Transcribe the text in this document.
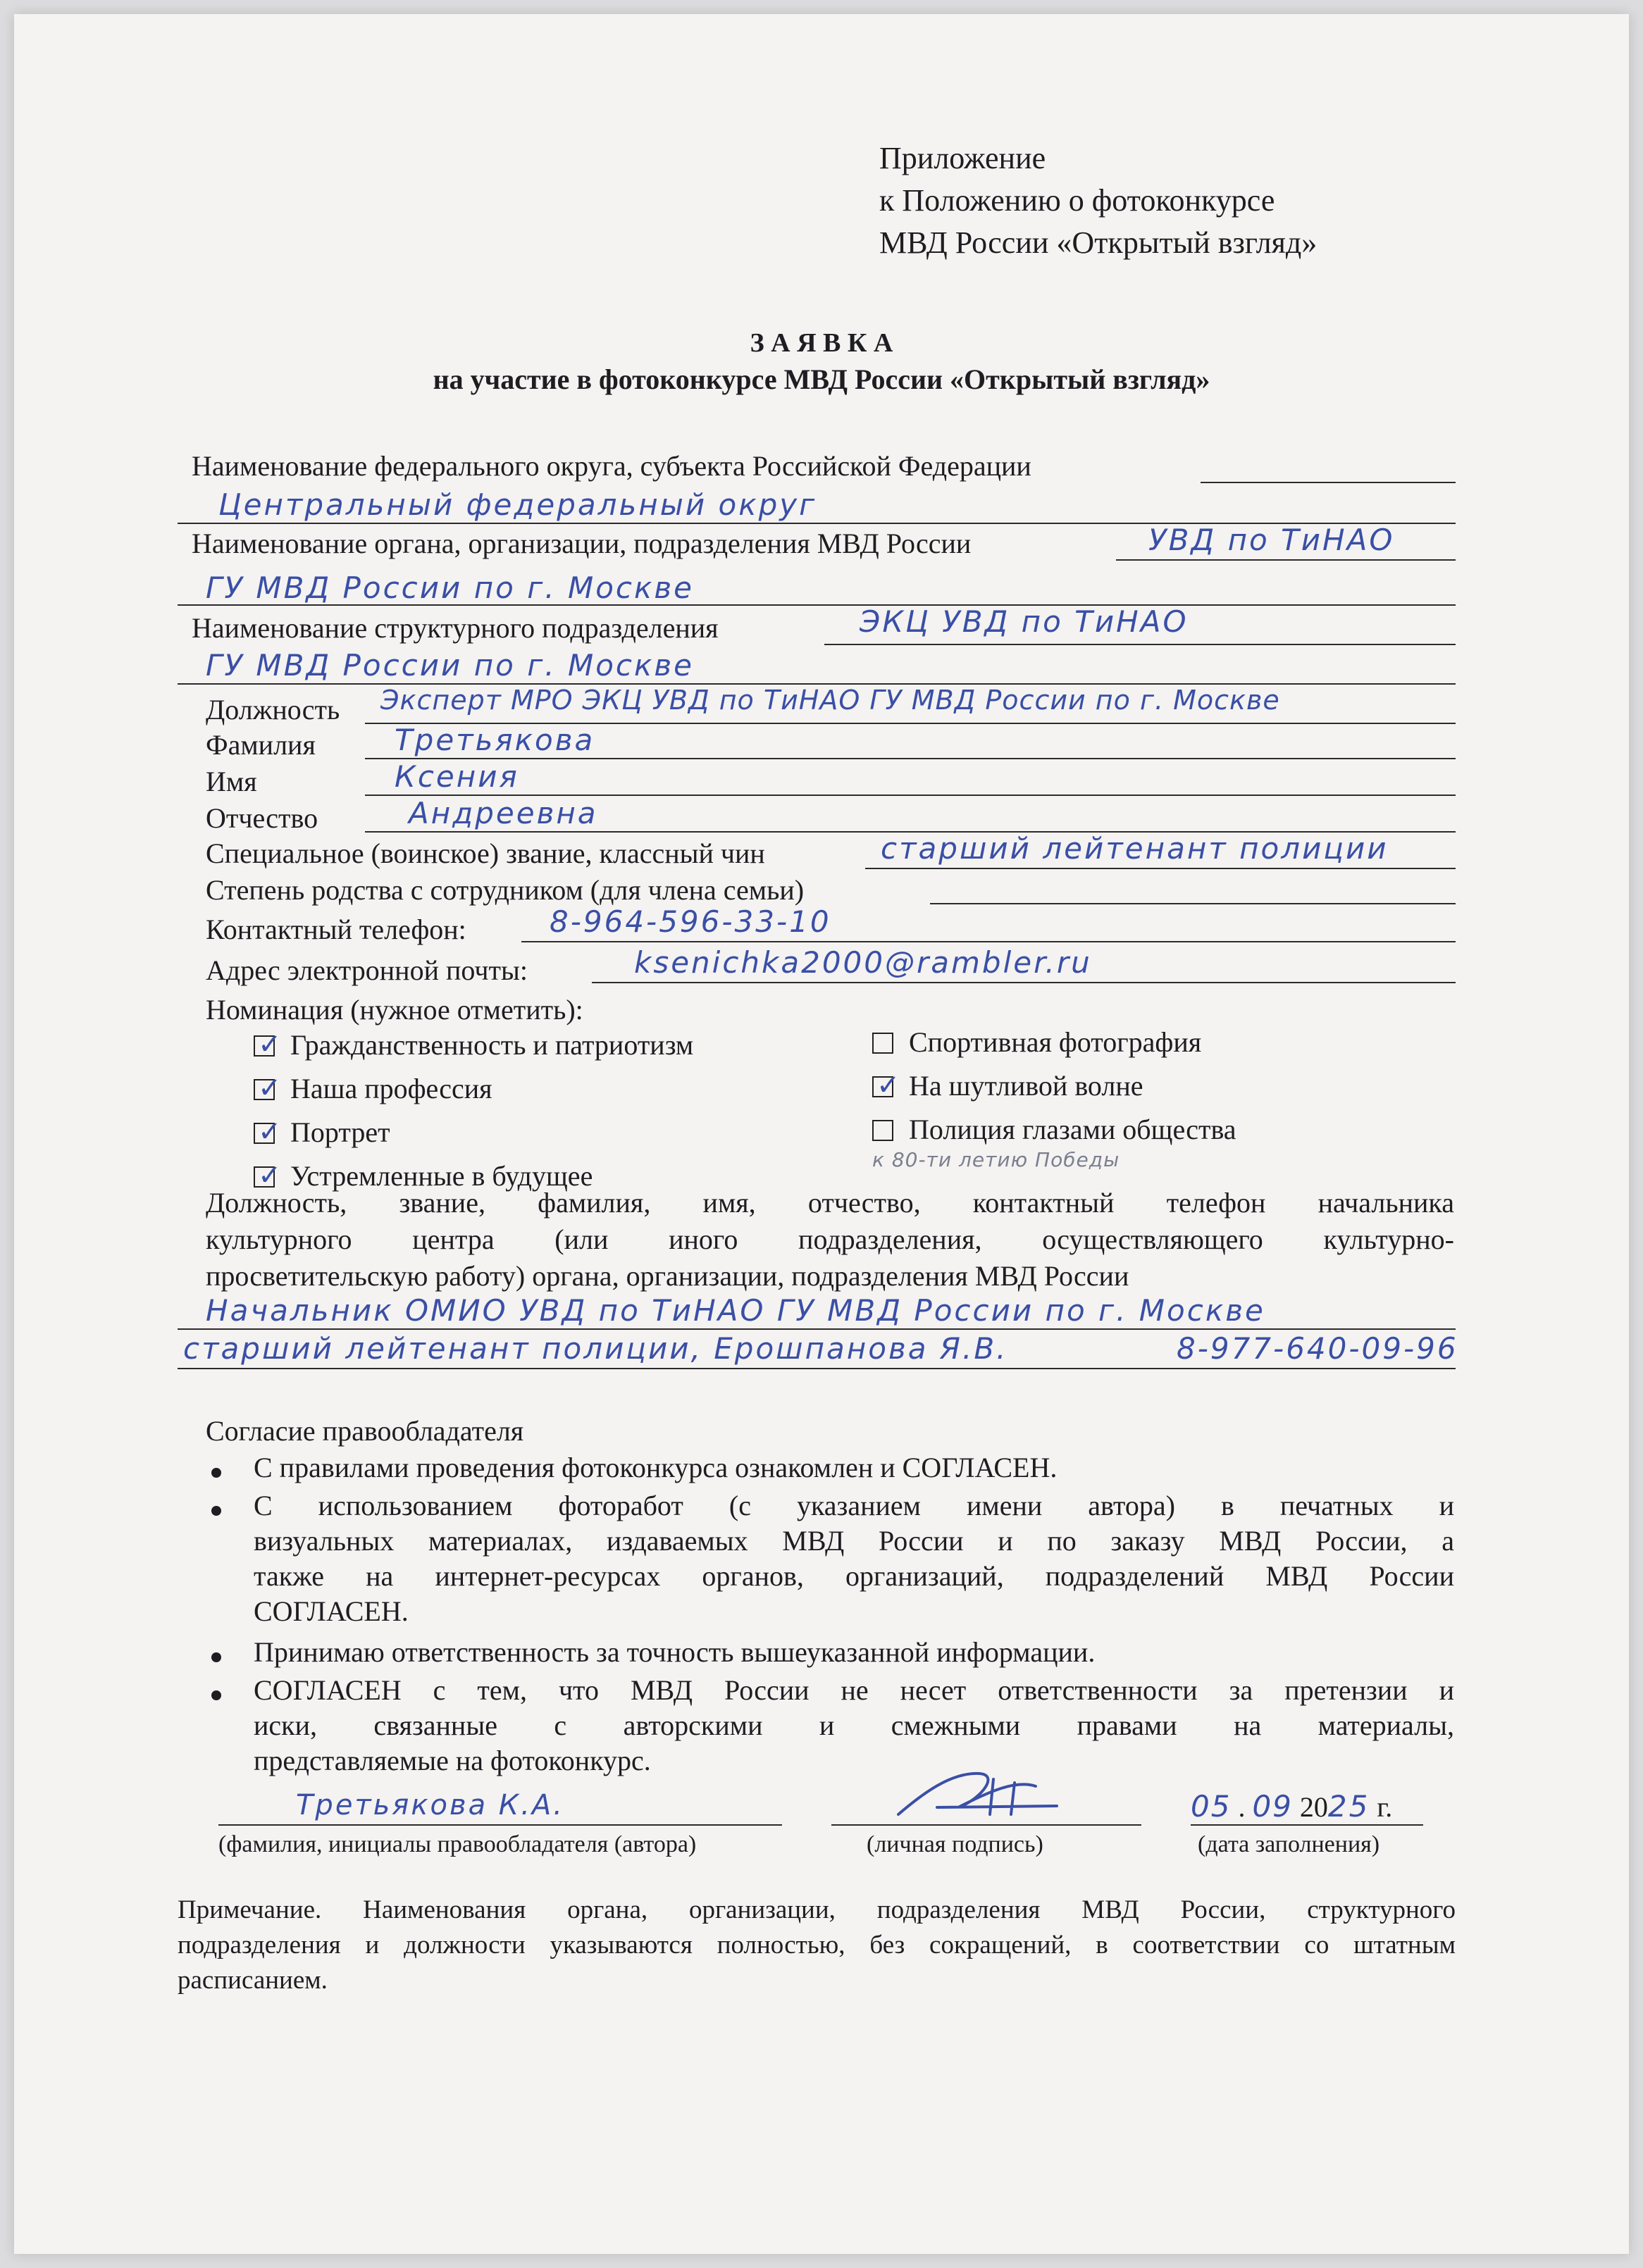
Приложение
к Положению о фотоконкурсе
МВД России «Открытый взгляд»
З А Я В К А
на участие в фотоконкурсе МВД России «Открытый взгляд»
Наименование федерального округа, субъекта Российской Федерации
Центральный федеральный округ
Наименование органа, организации, подразделения МВД России	УВД по ТиНАО
ГУ МВД России по г. Москве
Наименование структурного подразделения	ЭКЦ УВД по ТиНАО
ГУ МВД России по г. Москве
Должность Эксперт МРО ЭКЦ УВД по ТиНАО ГУ МВД России по г. Москве
Фамилия	Третьякова
Имя	Ксения
Отчество	Андреевна
Специальное (воинское) звание, классный чин	старший лейтенант полиции
Степень родства с сотрудником (для члена семьи)
Контактный телефон:	8-964-596-33-10
Адрес электронной почты:	ksenichka2000@rambler.ru
Номинация (нужное отметить):
✓ Гражданственность и патриотизм
✓ Наша профессия
✓ Портрет
✓ Устремленные в будущее
Спортивная фотография
✓ На шутливой волне
Полиция глазами общества
к 80-ти летию Победы
Должность, звание, фамилия, имя, отчество, контактный телефон начальника
культурного центра (или иного подразделения, осуществляющего культурно-
просветительскую работу) органа, организации, подразделения МВД России
Начальник ОМИО УВД по ТиНАО ГУ МВД России по г. Москве
старший лейтенант полиции, Ерошпанова Я.В.	8-977-640-09-96
Согласие правообладателя
С правилами проведения фотоконкурса ознакомлен и СОГЛАСЕН.
С использованием фоторабот (с указанием имени автора) в печатных и
визуальных материалах, издаваемых МВД России и по заказу МВД России, а
также на интернет-ресурсах органов, организаций, подразделений МВД России
СОГЛАСЕН.
Принимаю ответственность за точность вышеуказанной информации.
СОГЛАСЕН с тем, что МВД России не несет ответственности за претензии и
иски, связанные с авторскими и смежными правами на материалы,
представляемые на фотоконкурс.
Третьякова К.А.
(фамилия, инициалы правообладателя (автора)	(личная подпись)
05 . 09 2025 г.
(дата заполнения)
Примечание. Наименования органа, организации, подразделения МВД России, структурного
подразделения и должности указываются полностью, без сокращений, в соответствии со штатным
расписанием.
